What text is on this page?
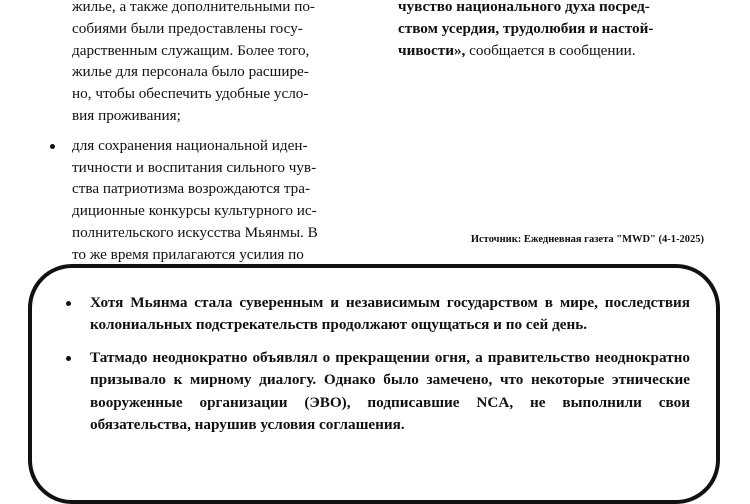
жилье, а также дополнительными по-
собиями были предоставлены госу-
дарственным служащим. Более того,
жилье для персонала было расшире-
но, чтобы обеспечить удобные усло-
вия проживания;
для сохранения национальной иден-
тичности и воспитания сильного чув-
ства патриотизма возрождаются тра-
диционные конкурсы культурного ис-
полнительского искусства Мьянмы. В
то же время прилагаются усилия по
чувство национального духа посред-
ством усердия, трудолюбия и настой-
чивости», сообщается в сообщении.
Источник: Ежедневная газета "MWD" (4-1-2025)
Хотя Мьянма стала суверенным и независимым государством в мире, последствия колониальных подстрекательств продолжают ощущаться и по сей день.
Татмадо неоднократно объявлял о прекращении огня, а правительство неоднократно призывало к мирному диалогу. Однако было замечено, что некоторые этнические вооруженные организации (ЭВО), подписавшие NCA, не выполнили свои обязательства, нарушив условия соглашения.
